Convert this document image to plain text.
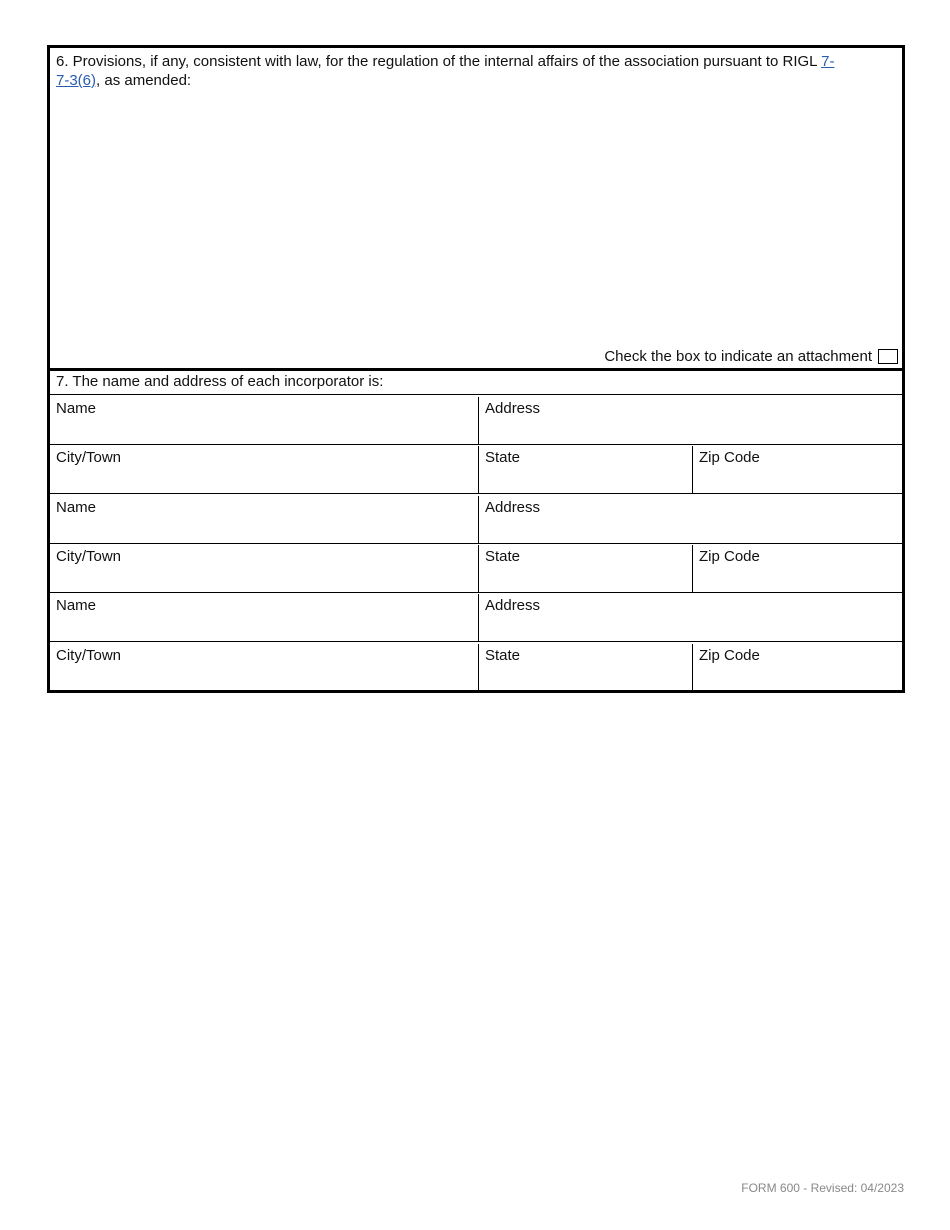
6. Provisions, if any, consistent with law, for the regulation of the internal affairs of the association pursuant to RIGL 7-7-3(6), as amended:
Check the box to indicate an attachment
7. The name and address of each incorporator is:
Name	Address
City/Town	State	Zip Code
Name	Address
City/Town	State	Zip Code
Name	Address
City/Town	State	Zip Code
FORM 600 - Revised: 04/2023
